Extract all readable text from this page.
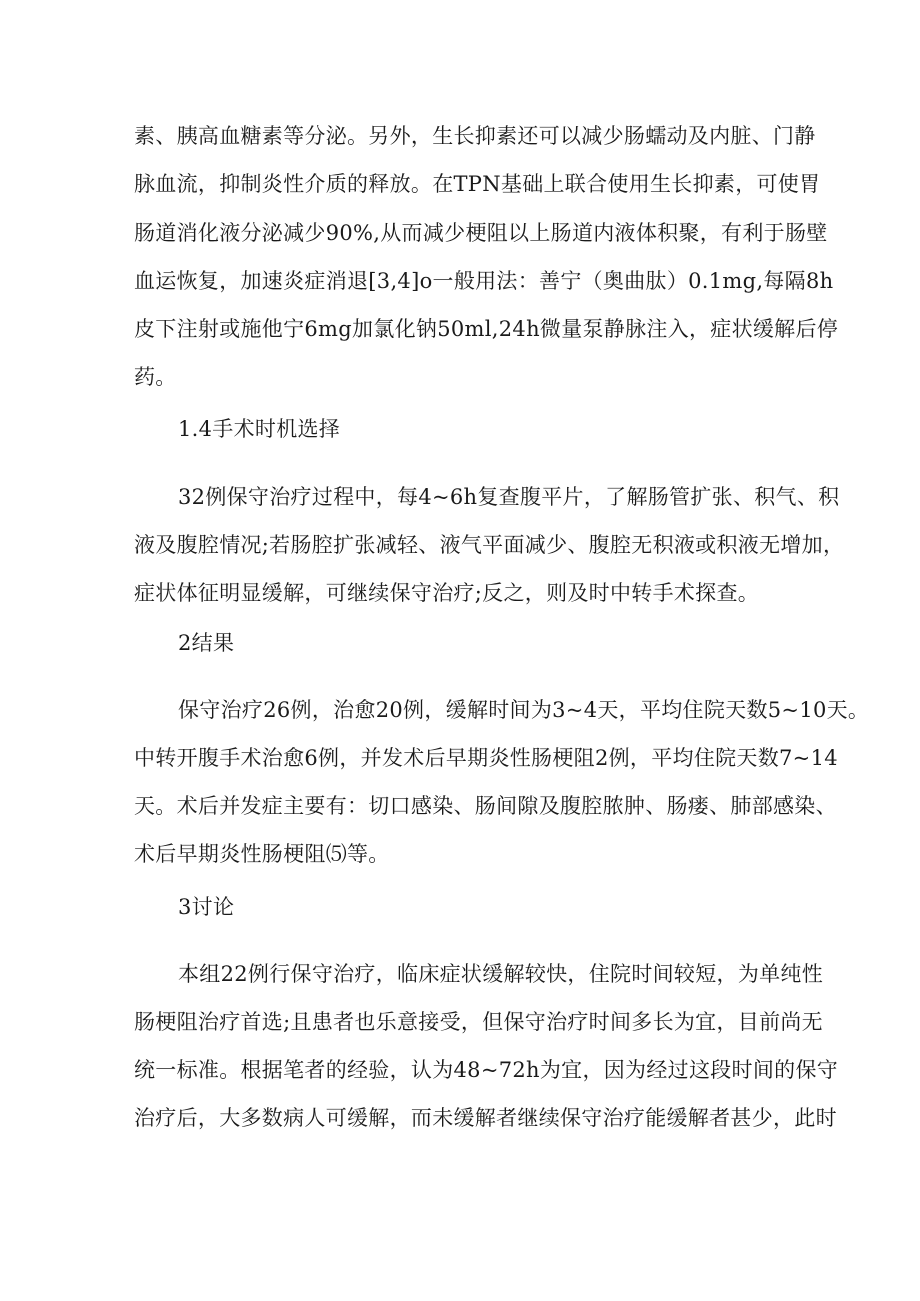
素、胰高血糖素等分泌。另外，生长抑素还可以减少肠蠕动及内脏、门静
脉血流，抑制炎性介质的释放。在TPN基础上联合使用生长抑素，可使胃
肠道消化液分泌减少90%,从而减少梗阻以上肠道内液体积聚，有利于肠壁
血运恢复，加速炎症消退[3,4]o一般用法：善宁（奥曲肽）0.1mg,每隔8h
皮下注射或施他宁6mg加氯化钠50ml,24h微量泵静脉注入，症状缓解后停
药。
1.4手术时机选择
32例保守治疗过程中，每4~6h复查腹平片，了解肠管扩张、积气、积
液及腹腔情况;若肠腔扩张减轻、液气平面减少、腹腔无积液或积液无增加，
症状体征明显缓解，可继续保守治疗;反之，则及时中转手术探查。
2结果
保守治疗26例，治愈20例，缓解时间为3~4天，平均住院天数5~10天。
中转开腹手术治愈6例，并发术后早期炎性肠梗阻2例，平均住院天数7~14
天。术后并发症主要有：切口感染、肠间隙及腹腔脓肿、肠瘘、肺部感染、
术后早期炎性肠梗阻⑸等。
3讨论
本组22例行保守治疗，临床症状缓解较快，住院时间较短，为单纯性
肠梗阻治疗首选;且患者也乐意接受，但保守治疗时间多长为宜，目前尚无
统一标准。根据笔者的经验，认为48~72h为宜，因为经过这段时间的保守
治疗后，大多数病人可缓解，而未缓解者继续保守治疗能缓解者甚少，此时
